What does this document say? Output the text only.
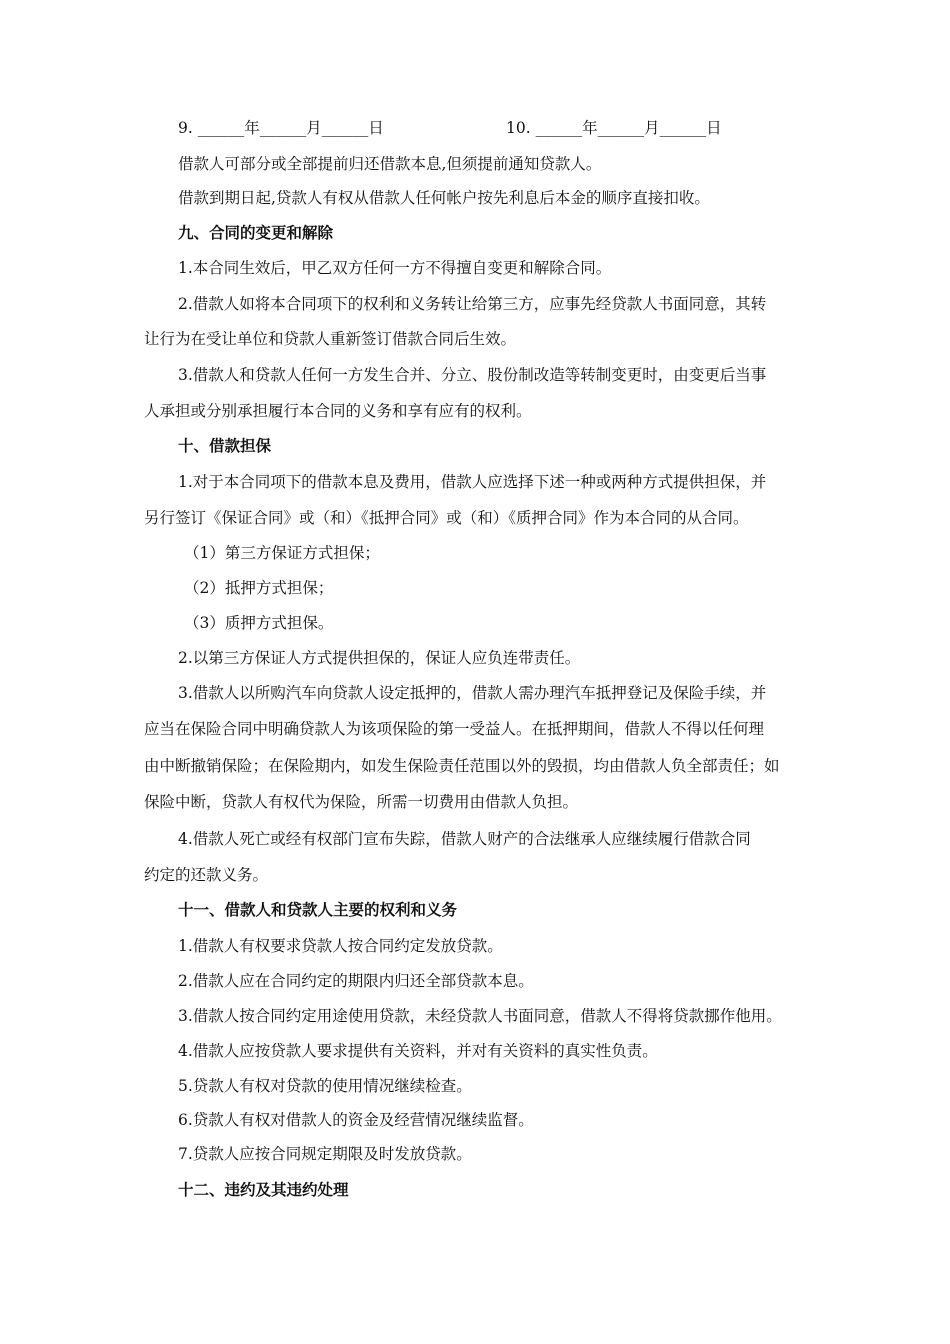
9. ______年______月______日	10. ______年______月______日
借款人可部分或全部提前归还借款本息,但须提前通知贷款人。
借款到期日起,贷款人有权从借款人任何帐户按先利息后本金的顺序直接扣收。
九、合同的变更和解除
1.本合同生效后，甲乙双方任何一方不得擅自变更和解除合同。
2.借款人如将本合同项下的权利和义务转让给第三方，应事先经贷款人书面同意，其转
让行为在受让单位和贷款人重新签订借款合同后生效。
3.借款人和贷款人任何一方发生合并、分立、股份制改造等转制变更时，由变更后当事
人承担或分别承担履行本合同的义务和享有应有的权利。
十、借款担保
1.对于本合同项下的借款本息及费用，借款人应选择下述一种或两种方式提供担保，并
另行签订《保证合同》或（和）《抵押合同》或（和）《质押合同》作为本合同的从合同。
（1）第三方保证方式担保；
（2）抵押方式担保；
（3）质押方式担保。
2.以第三方保证人方式提供担保的，保证人应负连带责任。
3.借款人以所购汽车向贷款人设定抵押的，借款人需办理汽车抵押登记及保险手续，并
应当在保险合同中明确贷款人为该项保险的第一受益人。在抵押期间，借款人不得以任何理
由中断撤销保险；在保险期内，如发生保险责任范围以外的毁损，均由借款人负全部责任；如
保险中断，贷款人有权代为保险，所需一切费用由借款人负担。
4.借款人死亡或经有权部门宣布失踪，借款人财产的合法继承人应继续履行借款合同
约定的还款义务。
十一、借款人和贷款人主要的权利和义务
1.借款人有权要求贷款人按合同约定发放贷款。
2.借款人应在合同约定的期限内归还全部贷款本息。
3.借款人按合同约定用途使用贷款，未经贷款人书面同意，借款人不得将贷款挪作他用。
4.借款人应按贷款人要求提供有关资料，并对有关资料的真实性负责。
5.贷款人有权对贷款的使用情况继续检查。
6.贷款人有权对借款人的资金及经营情况继续监督。
7.贷款人应按合同规定期限及时发放贷款。
十二、违约及其违约处理
